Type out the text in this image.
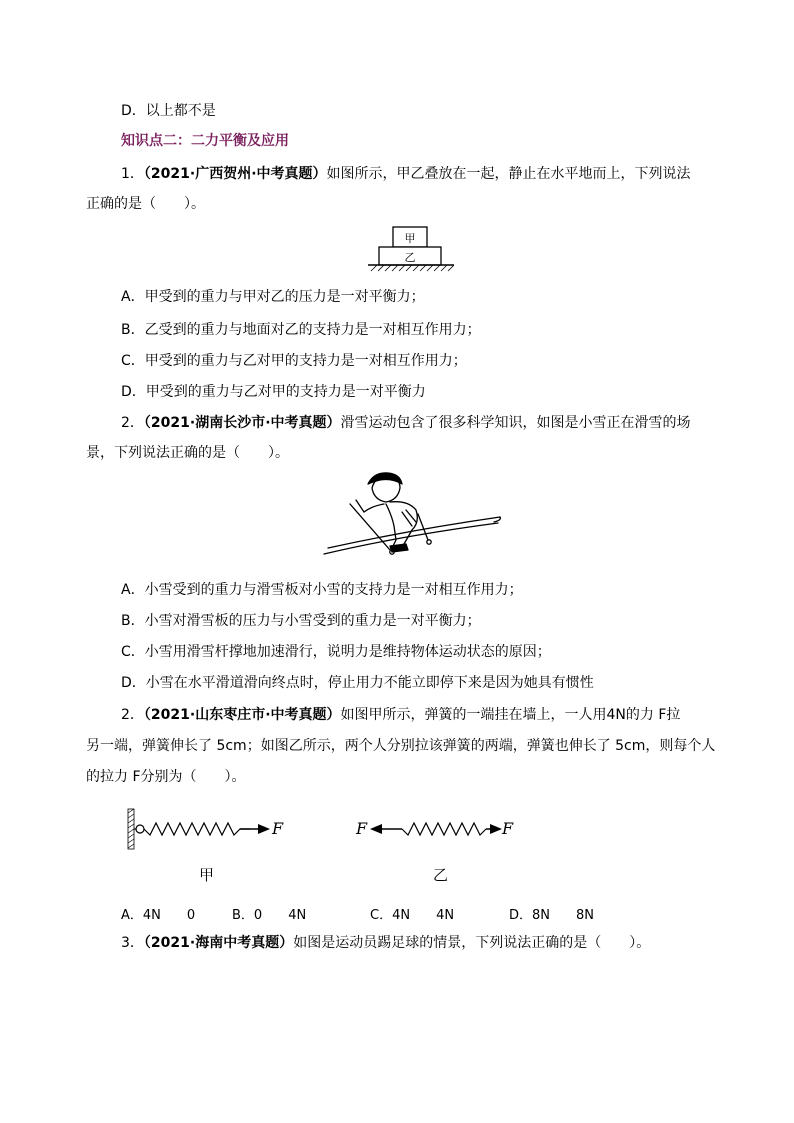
D．以上都不是
知识点二：二力平衡及应用
1．（2021·广西贺州·中考真题）如图所示，甲乙叠放在一起，静止在水平地而上，下列说法
正确的是（　　）。
甲
乙
A．甲受到的重力与甲对乙的压力是一对平衡力；
B．乙受到的重力与地面对乙的支持力是一对相互作用力；
C．甲受到的重力与乙对甲的支持力是一对相互作用力；
D．甲受到的重力与乙对甲的支持力是一对平衡力
2．（2021·湖南长沙市·中考真题）滑雪运动包含了很多科学知识，如图是小雪正在滑雪的场
景，下列说法正确的是（　　）。
A．小雪受到的重力与滑雪板对小雪的支持力是一对相互作用力；
B．小雪对滑雪板的压力与小雪受到的重力是一对平衡力；
C．小雪用滑雪杆撑地加速滑行，说明力是维持物体运动状态的原因；
D．小雪在水平滑道滑向终点时，停止用力不能立即停下来是因为她具有惯性
2．（2021·山东枣庄市·中考真题）如图甲所示，弹簧的一端挂在墙上，一人用4N的力 F拉
另一端，弹簧伸长了 5cm；如图乙所示，两个人分别拉该弹簧的两端，弹簧也伸长了 5cm，则每个人
的拉力 F分别为（　　）。
F
甲
F	F
乙
A．4N　　0	B．0　　4N	C．4N　　4N	D．8N　　8N
3．（2021·海南中考真题）如图是运动员踢足球的情景，下列说法正确的是（　　）。
